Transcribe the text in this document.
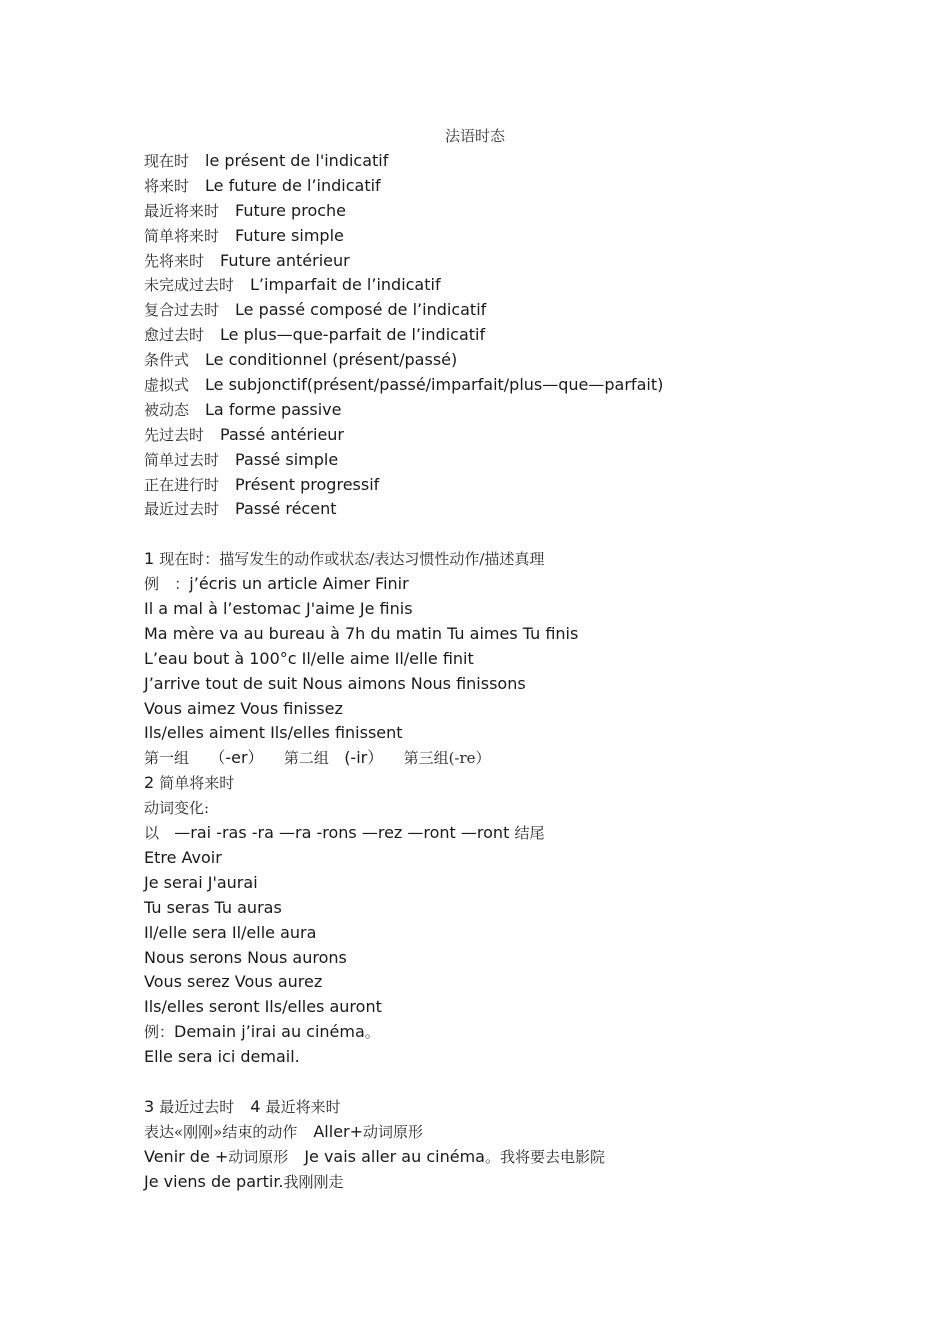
法语时态
现在时 le présent de l'indicatif
将来时 Le future de l’indicatif
最近将来时 Future proche
简单将来时 Future simple
先将来时 Future antérieur
未完成过去时 L’imparfait de l’indicatif
复合过去时 Le passé composé de l’indicatif
愈过去时 Le plus—que-parfait de l’indicatif
条件式 Le conditionnel (présent/passé)
虚拟式 Le subjonctif(présent/passé/imparfait/plus—que—parfait)
被动态 La forme passive
先过去时 Passé antérieur
简单过去时 Passé simple
正在进行时 Présent progressif
最近过去时 Passé récent
1 现在时：描写发生的动作或状态/表达习惯性动作/描述真理
例 ：j’écris un article Aimer Finir
Il a mal à l’estomac J'aime Je finis
Ma mère va au bureau à 7h du matin Tu aimes Tu finis
L’eau bout à 100°c Il/elle aime Il/elle finit
J’arrive tout de suit Nous aimons Nous finissons
Vous aimez Vous finissez
Ils/elles aiment Ils/elles finissent
第一组 （-er） 第二组 (-ir） 第三组(-re）
2 简单将来时
动词变化:
以 —rai -ras -ra —ra -rons —rez —ront —ront 结尾
Etre Avoir
Je serai J'aurai
Tu seras Tu auras
Il/elle sera Il/elle aura
Nous serons Nous aurons
Vous serez Vous aurez
Ils/elles seront Ils/elles auront
例：Demain j’irai au cinéma。
Elle sera ici demail.
3 最近过去时 4 最近将来时
表达«刚刚»结束的动作 Aller+动词原形
Venir de +动词原形 Je vais aller au cinéma。我将要去电影院
Je viens de partir.我刚刚走
